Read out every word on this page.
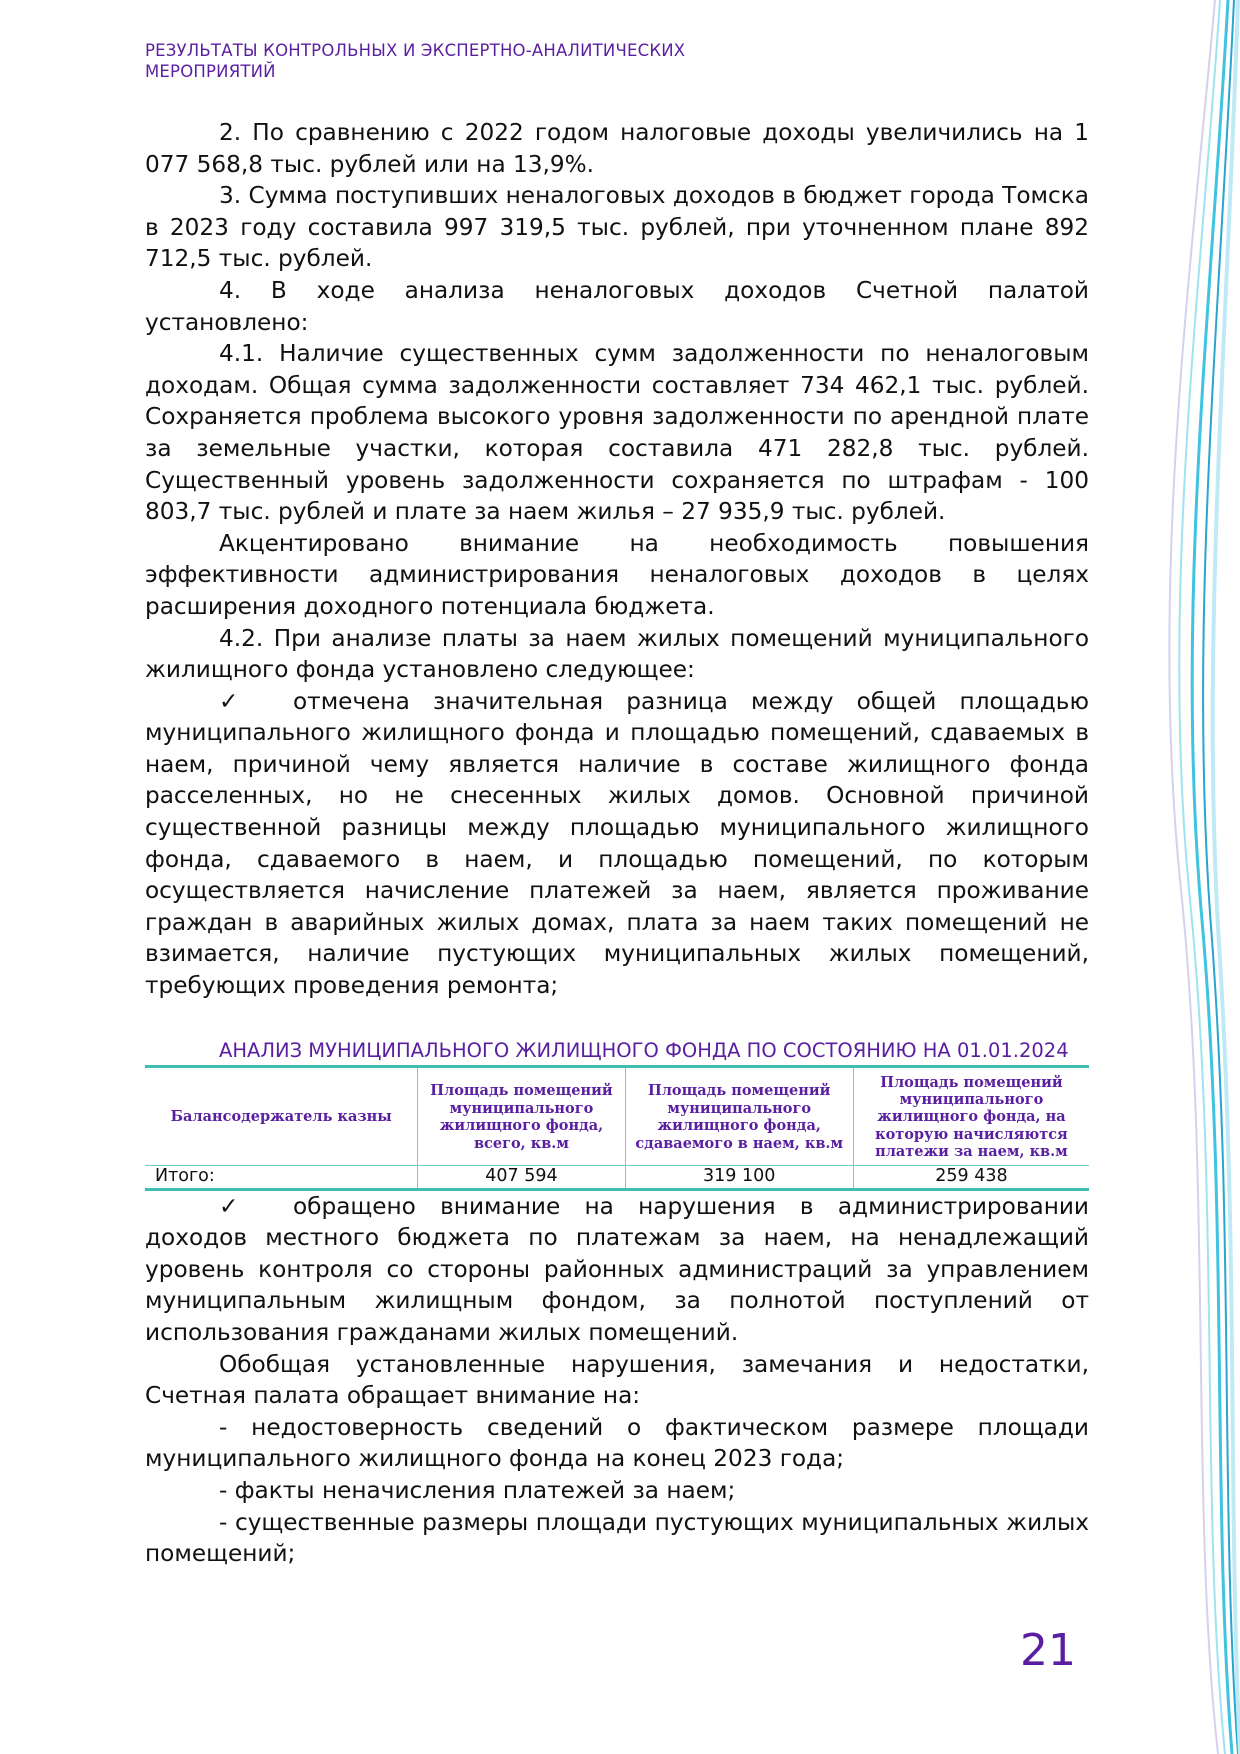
РЕЗУЛЬТАТЫ КОНТРОЛЬНЫХ И ЭКСПЕРТНО-АНАЛИТИЧЕСКИХ
МЕРОПРИЯТИЙ

2. По сравнению с 2022 годом налоговые доходы увеличились на 1 077 568,8 тыс. рублей или на 13,9%.

3. Сумма поступивших неналоговых доходов в бюджет города Томска в 2023 году составила 997 319,5 тыс. рублей, при уточненном плане 892 712,5 тыс. рублей.

4. В ходе анализа неналоговых доходов Счетной палатой установлено:

4.1. Наличие существенных сумм задолженности по неналоговым доходам. Общая сумма задолженности составляет 734 462,1 тыс. рублей. Сохраняется проблема высокого уровня задолженности по арендной плате за земельные участки, которая составила 471 282,8 тыс. рублей. Существенный уровень задолженности сохраняется по штрафам - 100 803,7 тыс. рублей и плате за наем жилья – 27 935,9 тыс. рублей.

Акцентировано внимание на необходимость повышения эффективности администрирования неналоговых доходов в целях расширения доходного потенциала бюджета.

4.2. При анализе платы за наем жилых помещений муниципального жилищного фонда установлено следующее:

✓ отмечена значительная разница между общей площадью муниципального жилищного фонда и площадью помещений, сдаваемых в наем, причиной чему является наличие в составе жилищного фонда расселенных, но не снесенных жилых домов. Основной причиной существенной разницы между площадью муниципального жилищного фонда, сдаваемого в наем, и площадью помещений, по которым осуществляется начисление платежей за наем, является проживание граждан в аварийных жилых домах, плата за наем таких помещений не взимается, наличие пустующих муниципальных жилых помещений, требующих проведения ремонта;

АНАЛИЗ МУНИЦИПАЛЬНОГО ЖИЛИЩНОГО ФОНДА ПО СОСТОЯНИЮ НА 01.01.2024
Балансодержатель казны	Площадь помещений муниципального жилищного фонда, всего, кв.м	Площадь помещений муниципального жилищного фонда, сдаваемого в наем, кв.м	Площадь помещений муниципального жилищного фонда, на которую начисляются платежи за наем, кв.м
Итого:	407 594	319 100	259 438

✓ обращено внимание на нарушения в администрировании доходов местного бюджета по платежам за наем, на ненадлежащий уровень контроля со стороны районных администраций за управлением муниципальным жилищным фондом, за полнотой поступлений от использования гражданами жилых помещений.

Обобщая установленные нарушения, замечания и недостатки, Счетная палата обращает внимание на:

- недостоверность сведений о фактическом размере площади муниципального жилищного фонда на конец 2023 года;

- факты неначисления платежей за наем;

- существенные размеры площади пустующих муниципальных жилых помещений;

21
